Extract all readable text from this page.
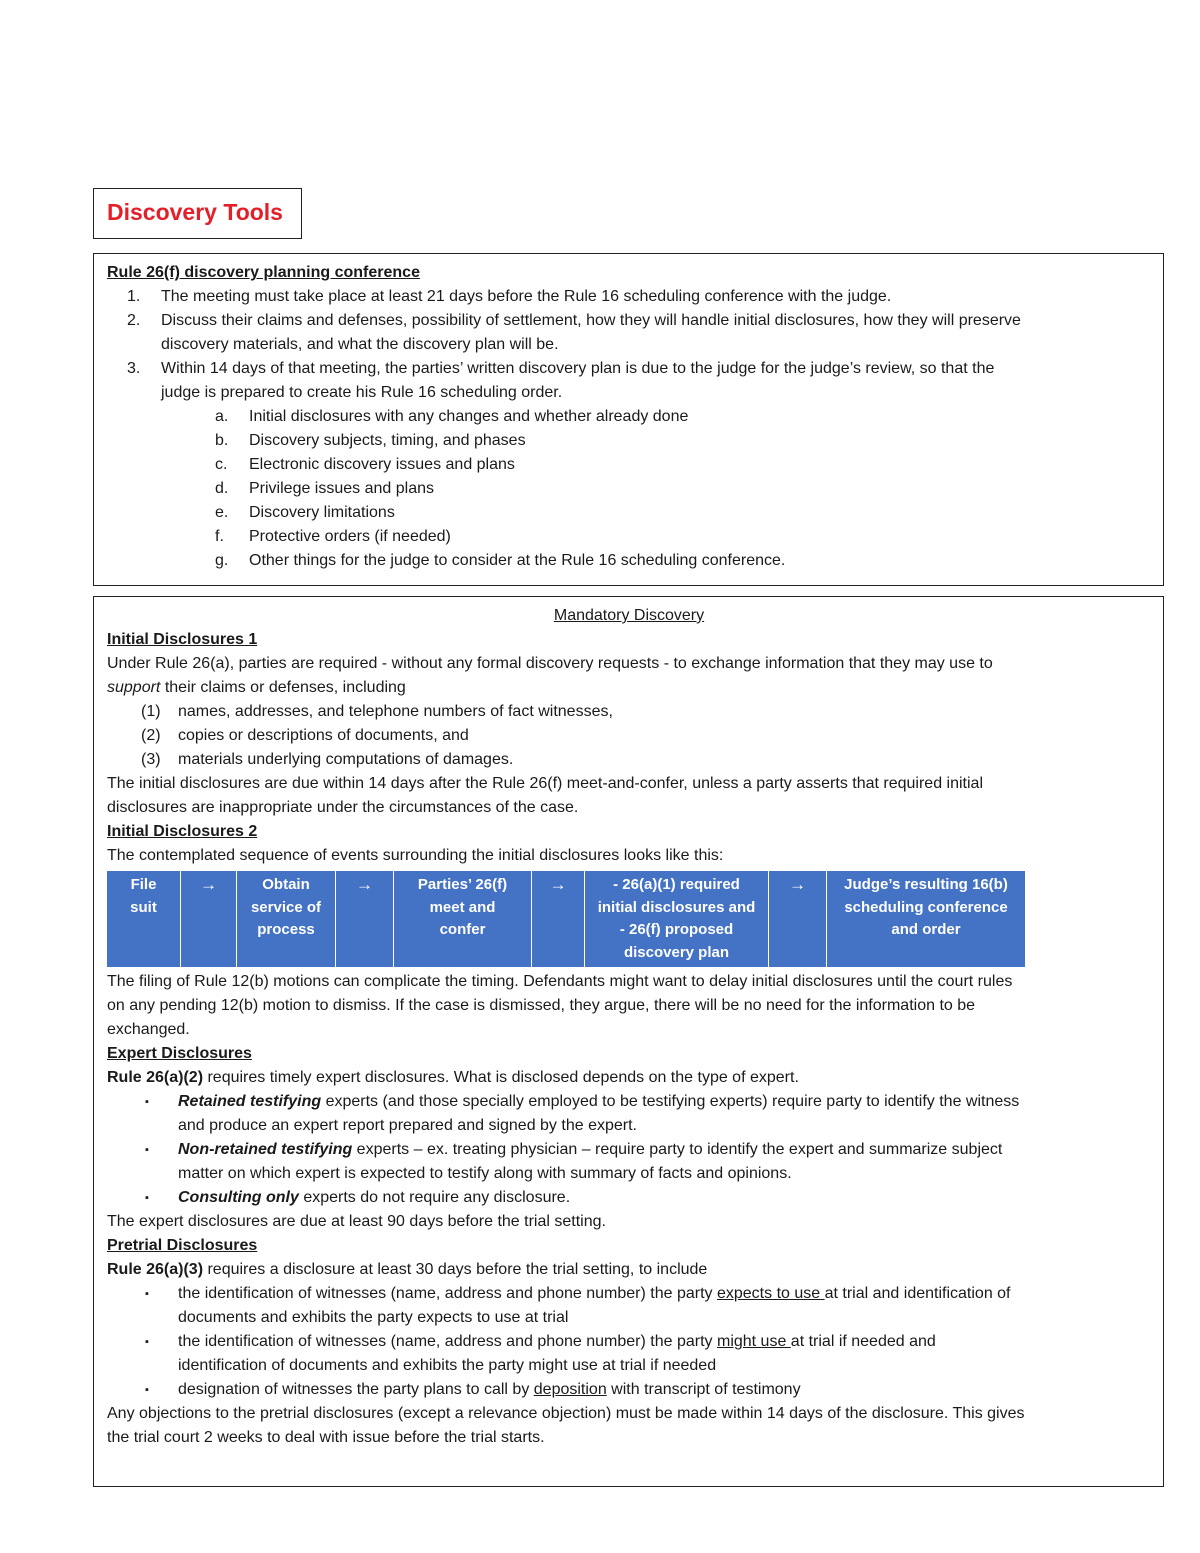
Discovery Tools
Rule 26(f) discovery planning conference
1. The meeting must take place at least 21 days before the Rule 16 scheduling conference with the judge.
2. Discuss their claims and defenses, possibility of settlement, how they will handle initial disclosures, how they will preserve
discovery materials, and what the discovery plan will be.
3. Within 14 days of that meeting, the parties’ written discovery plan is due to the judge for the judge’s review, so that the
judge is prepared to create his Rule 16 scheduling order.
a. Initial disclosures with any changes and whether already done
b. Discovery subjects, timing, and phases
c. Electronic discovery issues and plans
d. Privilege issues and plans
e. Discovery limitations
f. Protective orders (if needed)
g. Other things for the judge to consider at the Rule 16 scheduling conference.
Mandatory Discovery
Initial Disclosures 1
Under Rule 26(a), parties are required - without any formal discovery requests - to exchange information that they may use to
support their claims or defenses, including
(1) names, addresses, and telephone numbers of fact witnesses,
(2) copies or descriptions of documents, and
(3) materials underlying computations of damages.
The initial disclosures are due within 14 days after the Rule 26(f) meet-and-confer, unless a party asserts that required initial
disclosures are inappropriate under the circumstances of the case.
Initial Disclosures 2
The contemplated sequence of events surrounding the initial disclosures looks like this:
File
suit
→	Obtain
service of
process
→	Parties’ 26(f)
meet and
confer
→	- 26(a)(1) required
initial disclosures and
- 26(f) proposed
discovery plan
→	Judge’s resulting 16(b)
scheduling conference
and order
The filing of Rule 12(b) motions can complicate the timing. Defendants might want to delay initial disclosures until the court rules
on any pending 12(b) motion to dismiss. If the case is dismissed, they argue, there will be no need for the information to be
exchanged.
Expert Disclosures
Rule 26(a)(2) requires timely expert disclosures. What is disclosed depends on the type of expert.
▪ Retained testifying experts (and those specially employed to be testifying experts) require party to identify the witness
and produce an expert report prepared and signed by the expert.
▪ Non-retained testifying experts – ex. treating physician – require party to identify the expert and summarize subject
matter on which expert is expected to testify along with summary of facts and opinions.
▪ Consulting only experts do not require any disclosure.
The expert disclosures are due at least 90 days before the trial setting.
Pretrial Disclosures
Rule 26(a)(3) requires a disclosure at least 30 days before the trial setting, to include
▪ the identification of witnesses (name, address and phone number) the party expects to use at trial and identification of
documents and exhibits the party expects to use at trial
▪ the identification of witnesses (name, address and phone number) the party might use at trial if needed and
identification of documents and exhibits the party might use at trial if needed
▪ designation of witnesses the party plans to call by deposition with transcript of testimony
Any objections to the pretrial disclosures (except a relevance objection) must be made within 14 days of the disclosure. This gives
the trial court 2 weeks to deal with issue before the trial starts.
